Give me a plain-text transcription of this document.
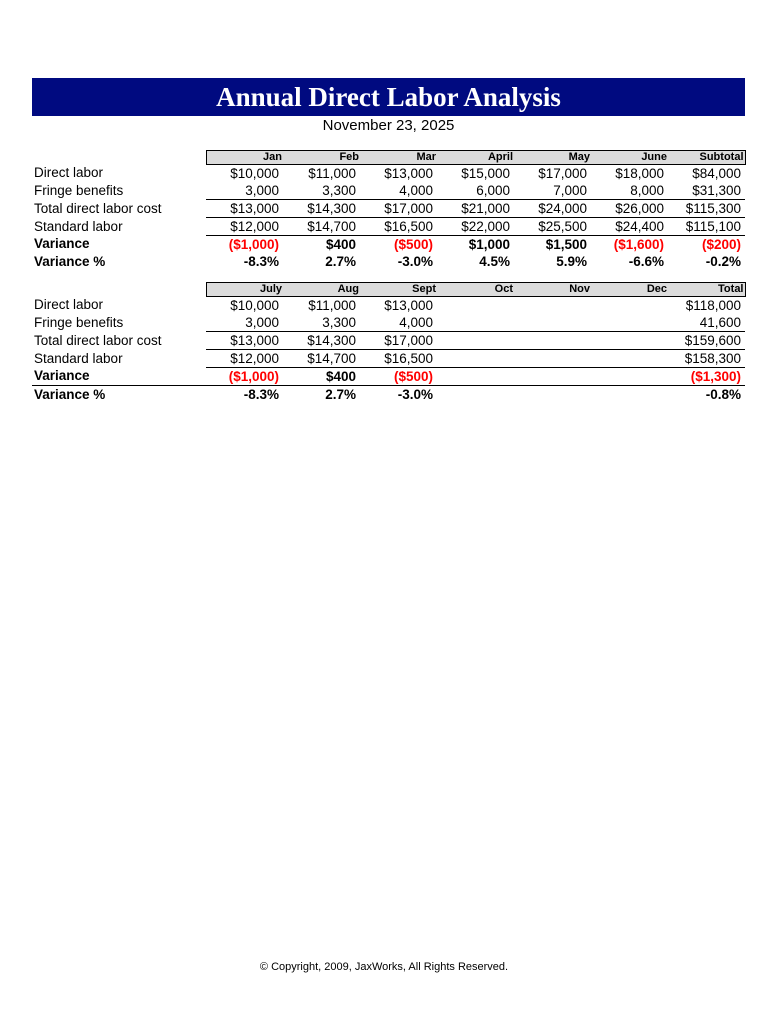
Annual Direct Labor Analysis
November 23, 2025
	Jan	Feb	Mar	April	May	June	Subtotal
Direct labor	$10,000	$11,000	$13,000	$15,000	$17,000	$18,000	$84,000
Fringe benefits	3,000	3,300	4,000	6,000	7,000	8,000	$31,300
Total direct labor cost	$13,000	$14,300	$17,000	$21,000	$24,000	$26,000	$115,300
Standard labor	$12,000	$14,700	$16,500	$22,000	$25,500	$24,400	$115,100
Variance	($1,000)	$400	($500)	$1,000	$1,500	($1,600)	($200)
Variance %	-8.3%	2.7%	-3.0%	4.5%	5.9%	-6.6%	-0.2%
	July	Aug	Sept	Oct	Nov	Dec	Total
Direct labor	$10,000	$11,000	$13,000				$118,000
Fringe benefits	3,000	3,300	4,000				41,600
Total direct labor cost	$13,000	$14,300	$17,000				$159,600
Standard labor	$12,000	$14,700	$16,500				$158,300
Variance	($1,000)	$400	($500)				($1,300)
Variance %	-8.3%	2.7%	-3.0%				-0.8%
© Copyright, 2009, JaxWorks, All Rights Reserved.
